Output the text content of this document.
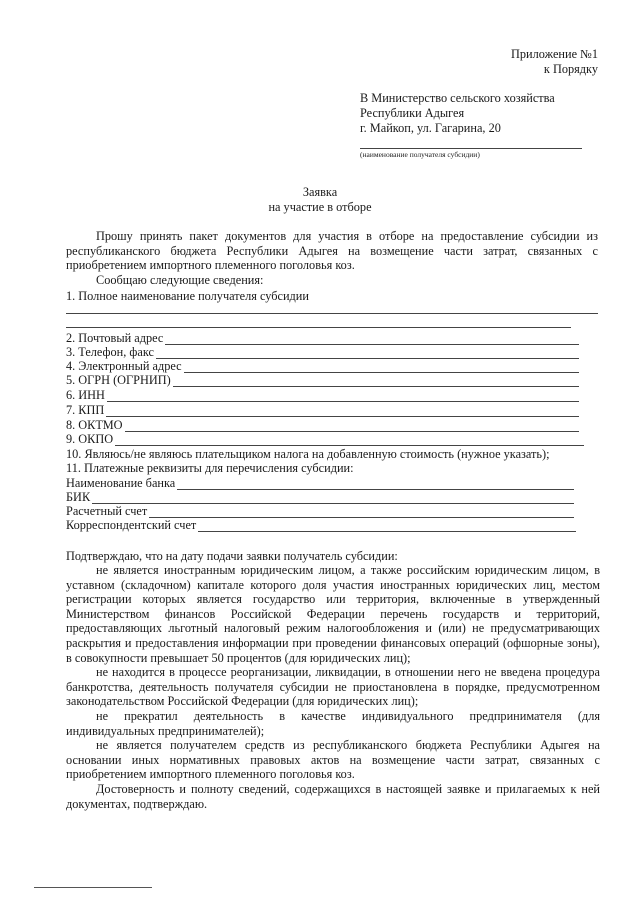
Приложение №1
к Порядку
В Министерство сельского хозяйства
Республики Адыгея
г. Майкоп, ул. Гагарина, 20
(наименование получателя субсидии)
Заявка
на участие в отборе
Прошу принять пакет документов для участия в отборе на предоставление субсидии из республиканского бюджета Республики Адыгея на возмещение части затрат, связанных с приобретением импортного племенного поголовья коз.
Сообщаю следующие сведения:
1. Полное наименование получателя субсидии
2. Почтовый адрес
3. Телефон, факс
4. Электронный адрес
5. ОГРН (ОГРНИП)
6. ИНН
7. КПП
8. ОКТМО
9. ОКПО
10. Являюсь/не являюсь плательщиком налога на добавленную стоимость (нужное указать);
11. Платежные реквизиты для перечисления субсидии:
Наименование банка
БИК
Расчетный счет
Корреспондентский счет
Подтверждаю, что на дату подачи заявки получатель субсидии:
не является иностранным юридическим лицом, а также российским юридическим лицом, в уставном (складочном) капитале которого доля участия иностранных юридических лиц, местом регистрации которых является государство или территория, включенные в утвержденный Министерством финансов Российской Федерации перечень государств и территорий, предоставляющих льготный налоговый режим налогообложения и (или) не предусматривающих раскрытия и предоставления информации при проведении финансовых операций (офшорные зоны), в совокупности превышает 50 процентов (для юридических лиц);
не находится в процессе реорганизации, ликвидации, в отношении него не введена процедура банкротства, деятельность получателя субсидии не приостановлена в порядке, предусмотренном законодательством Российской Федерации (для юридических лиц);
не прекратил деятельность в качестве индивидуального предпринимателя (для индивидуальных предпринимателей);
не является получателем средств из республиканского бюджета Республики Адыгея на основании иных нормативных правовых актов на возмещение части затрат, связанных с приобретением импортного племенного поголовья коз.
Достоверность и полноту сведений, содержащихся в настоящей заявке и прилагаемых к ней документах, подтверждаю.
